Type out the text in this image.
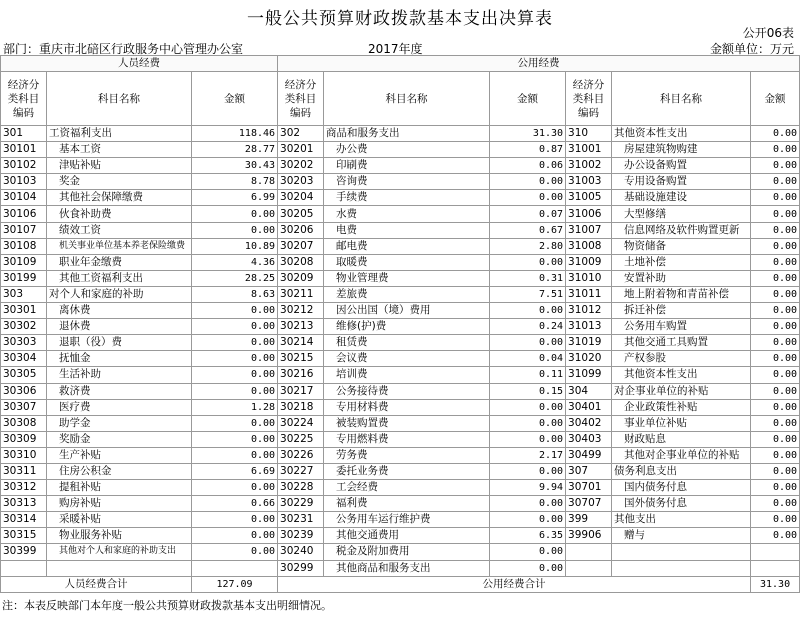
一般公共预算财政拨款基本支出决算表
公开06表
部门：重庆市北碚区行政服务中心管理办公室	2017年度	金额单位：万元
人员经费			公用经费					
经济分类科目编码	科目名称	金额	经济分类科目编码	科目名称	金额	经济分类科目编码	科目名称	金额
301	工资福利支出	118.46	302	商品和服务支出	31.30	310	其他资本性支出	0.00
30101	基本工资	28.77	30201	办公费	0.87	31001	房屋建筑物购建	0.00
30102	津贴补贴	30.43	30202	印刷费	0.06	31002	办公设备购置	0.00
30103	奖金	8.78	30203	咨询费	0.00	31003	专用设备购置	0.00
30104	其他社会保障缴费	6.99	30204	手续费	0.00	31005	基础设施建设	0.00
30106	伙食补助费	0.00	30205	水费	0.07	31006	大型修缮	0.00
30107	绩效工资	0.00	30206	电费	0.67	31007	信息网络及软件购置更新	0.00
30108	机关事业单位基本养老保险缴费	10.89	30207	邮电费	2.80	31008	物资储备	0.00
30109	职业年金缴费	4.36	30208	取暖费	0.00	31009	土地补偿	0.00
30199	其他工资福利支出	28.25	30209	物业管理费	0.31	31010	安置补助	0.00
303	对个人和家庭的补助	8.63	30211	差旅费	7.51	31011	地上附着物和青苗补偿	0.00
30301	离休费	0.00	30212	因公出国（境）费用	0.00	31012	拆迁补偿	0.00
30302	退休费	0.00	30213	维修(护)费	0.24	31013	公务用车购置	0.00
30303	退职（役）费	0.00	30214	租赁费	0.00	31019	其他交通工具购置	0.00
30304	抚恤金	0.00	30215	会议费	0.04	31020	产权参股	0.00
30305	生活补助	0.00	30216	培训费	0.11	31099	其他资本性支出	0.00
30306	救济费	0.00	30217	公务接待费	0.15	304	对企事业单位的补贴	0.00
30307	医疗费	1.28	30218	专用材料费	0.00	30401	企业政策性补贴	0.00
30308	助学金	0.00	30224	被装购置费	0.00	30402	事业单位补贴	0.00
30309	奖励金	0.00	30225	专用燃料费	0.00	30403	财政贴息	0.00
30310	生产补贴	0.00	30226	劳务费	2.17	30499	其他对企事业单位的补贴	0.00
30311	住房公积金	6.69	30227	委托业务费	0.00	307	债务利息支出	0.00
30312	提租补贴	0.00	30228	工会经费	9.94	30701	国内债务付息	0.00
30313	购房补贴	0.66	30229	福利费	0.00	30707	国外债务付息	0.00
30314	采暖补贴	0.00	30231	公务用车运行维护费	0.00	399	其他支出	0.00
30315	物业服务补贴	0.00	30239	其他交通费用	6.35	39906	赠与	0.00
30399	其他对个人和家庭的补助支出	0.00	30240	税金及附加费用	0.00			
			30299	其他商品和服务支出	0.00			
人员经费合计		127.09	公用经费合计					31.30
注：本表反映部门本年度一般公共预算财政拨款基本支出明细情况。
